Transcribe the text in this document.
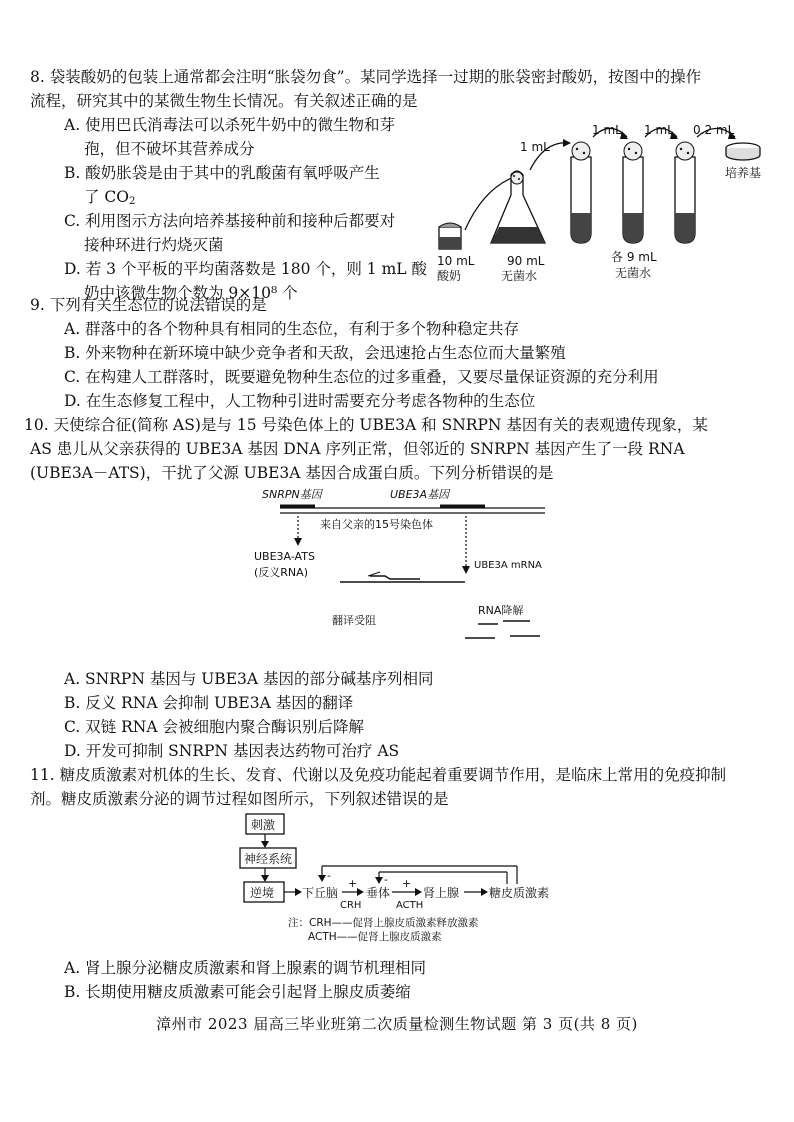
8. 袋装酸奶的包装上通常都会注明“胀袋勿食”。某同学选择一过期的胀袋密封酸奶，按图中的操作
流程，研究其中的某微生物生长情况。有关叙述正确的是
A. 使用巴氏消毒法可以杀死牛奶中的微生物和芽
孢，但不破坏其营养成分
B. 酸奶胀袋是由于其中的乳酸菌有氧呼吸产生
了 $CO_2$
C. 利用图示方法向培养基接种前和接种后都要对
接种环进行灼烧灭菌
D. 若 3 个平板的平均菌落数是 180 个，则 1 mL 酸
奶中该微生物个数为 9×10⁸ 个
1 mL
1 mL 1 mL 0.2 mL
培养基
10 mL
酸奶
90 mL
无菌水
各 9 mL
无菌水
9. 下列有关生态位的说法错误的是
A. 群落中的各个物种具有相同的生态位，有利于多个物种稳定共存
B. 外来物种在新环境中缺少竞争者和天敌，会迅速抢占生态位而大量繁殖
C. 在构建人工群落时，既要避免物种生态位的过多重叠，又要尽量保证资源的充分利用
D. 在生态修复工程中，人工物种引进时需要充分考虑各物种的生态位
10. 天使综合征(简称 AS)是与 15 号染色体上的 UBE3A 和 SNRPN 基因有关的表观遗传现象，某
AS 患儿从父亲获得的 UBE3A 基因 DNA 序列正常，但邻近的 SNRPN 基因产生了一段 RNA
(UBE3A－ATS)，干扰了父源 UBE3A 基因合成蛋白质。下列分析错误的是
SNRPN基因	UBE3A基因
来自父亲的15号染色体
UBE3A-ATS
(反义RNA)
UBE3A mRNA
翻译受阻
RNA降解
A. SNRPN 基因与 UBE3A 基因的部分碱基序列相同
B. 反义 RNA 会抑制 UBE3A 基因的翻译
C. 双链 RNA 会被细胞内聚合酶识别后降解
D. 开发可抑制 SNRPN 基因表达药物可治疗 AS
11. 糖皮质激素对机体的生长、发育、代谢以及免疫功能起着重要调节作用，是临床上常用的免疫抑制
剂。糖皮质激素分泌的调节过程如图所示，下列叙述错误的是
刺激
神经系统
逆境 下丘脑
+
CRH
垂体
+
ACTH
肾上腺 糖皮质激素
-	-
注：CRH——促肾上腺皮质激素释放激素
ACTH——促肾上腺皮质激素
A. 肾上腺分泌糖皮质激素和肾上腺素的调节机理相同
B. 长期使用糖皮质激素可能会引起肾上腺皮质萎缩
漳州市 2023 届高三毕业班第二次质量检测生物试题 第 3 页(共 8 页)
